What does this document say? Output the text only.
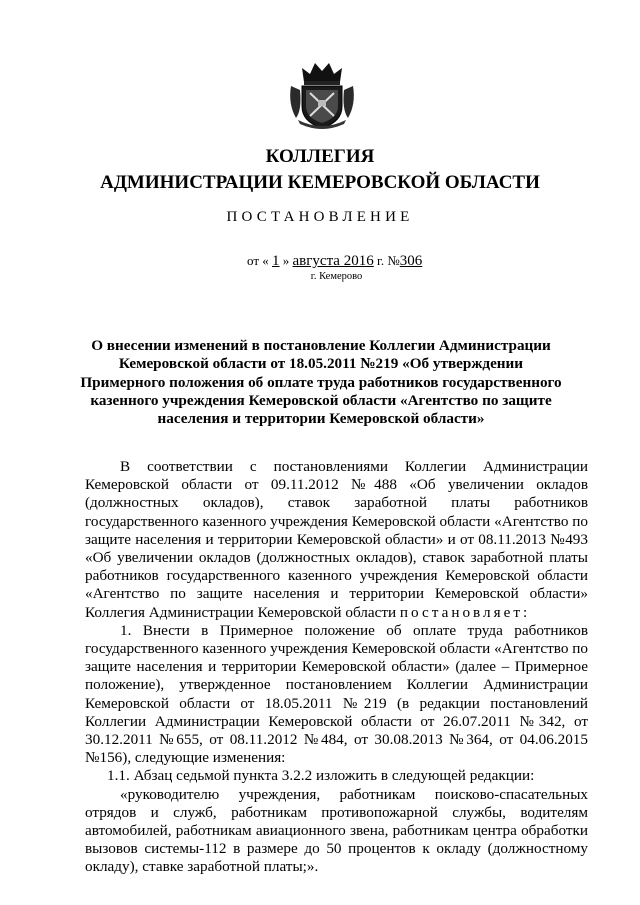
КОЛЛЕГИЯ
АДМИНИСТРАЦИИ КЕМЕРОВСКОЙ ОБЛАСТИ
ПОСТАНОВЛЕНИЕ
от « 1 » августа 2016 г. №306
г. Кемерово
О внесении изменений в постановление Коллегии Администрации Кемеровской области от 18.05.2011 №219 «Об утверждении Примерного положения об оплате труда работников государственного казенного учреждения Кемеровской области «Агентство по защите населения и территории Кемеровской области»

В соответствии с постановлениями Коллегии Администрации Кемеровской области от 09.11.2012 №488 «Об увеличении окладов (должностных окладов), ставок заработной платы работников государственного казенного учреждения Кемеровской области «Агентство по защите населения и территории Кемеровской области» и от 08.11.2013 №493 «Об увеличении окладов (должностных окладов), ставок заработной платы работников государственного казенного учреждения Кемеровской области «Агентство по защите населения и территории Кемеровской области» Коллегия Администрации Кемеровской области постановляет:

1. Внести в Примерное положение об оплате труда работников государственного казенного учреждения Кемеровской области «Агентство по защите населения и территории Кемеровской области» (далее – Примерное положение), утвержденное постановлением Коллегии Администрации Кемеровской области от 18.05.2011 №219 (в редакции постановлений Коллегии Администрации Кемеровской области от 26.07.2011 №342, от 30.12.2011 №655, от 08.11.2012 №484, от 30.08.2013 №364, от 04.06.2015 №156), следующие изменения:

1.1. Абзац седьмой пункта 3.2.2 изложить в следующей редакции:

«руководителю учреждения, работникам поисково-спасательных отрядов и служб, работникам противопожарной службы, водителям автомобилей, работникам авиационного звена, работникам центра обработки вызовов системы-112 в размере до 50 процентов к окладу (должностному окладу), ставке заработной платы;».
